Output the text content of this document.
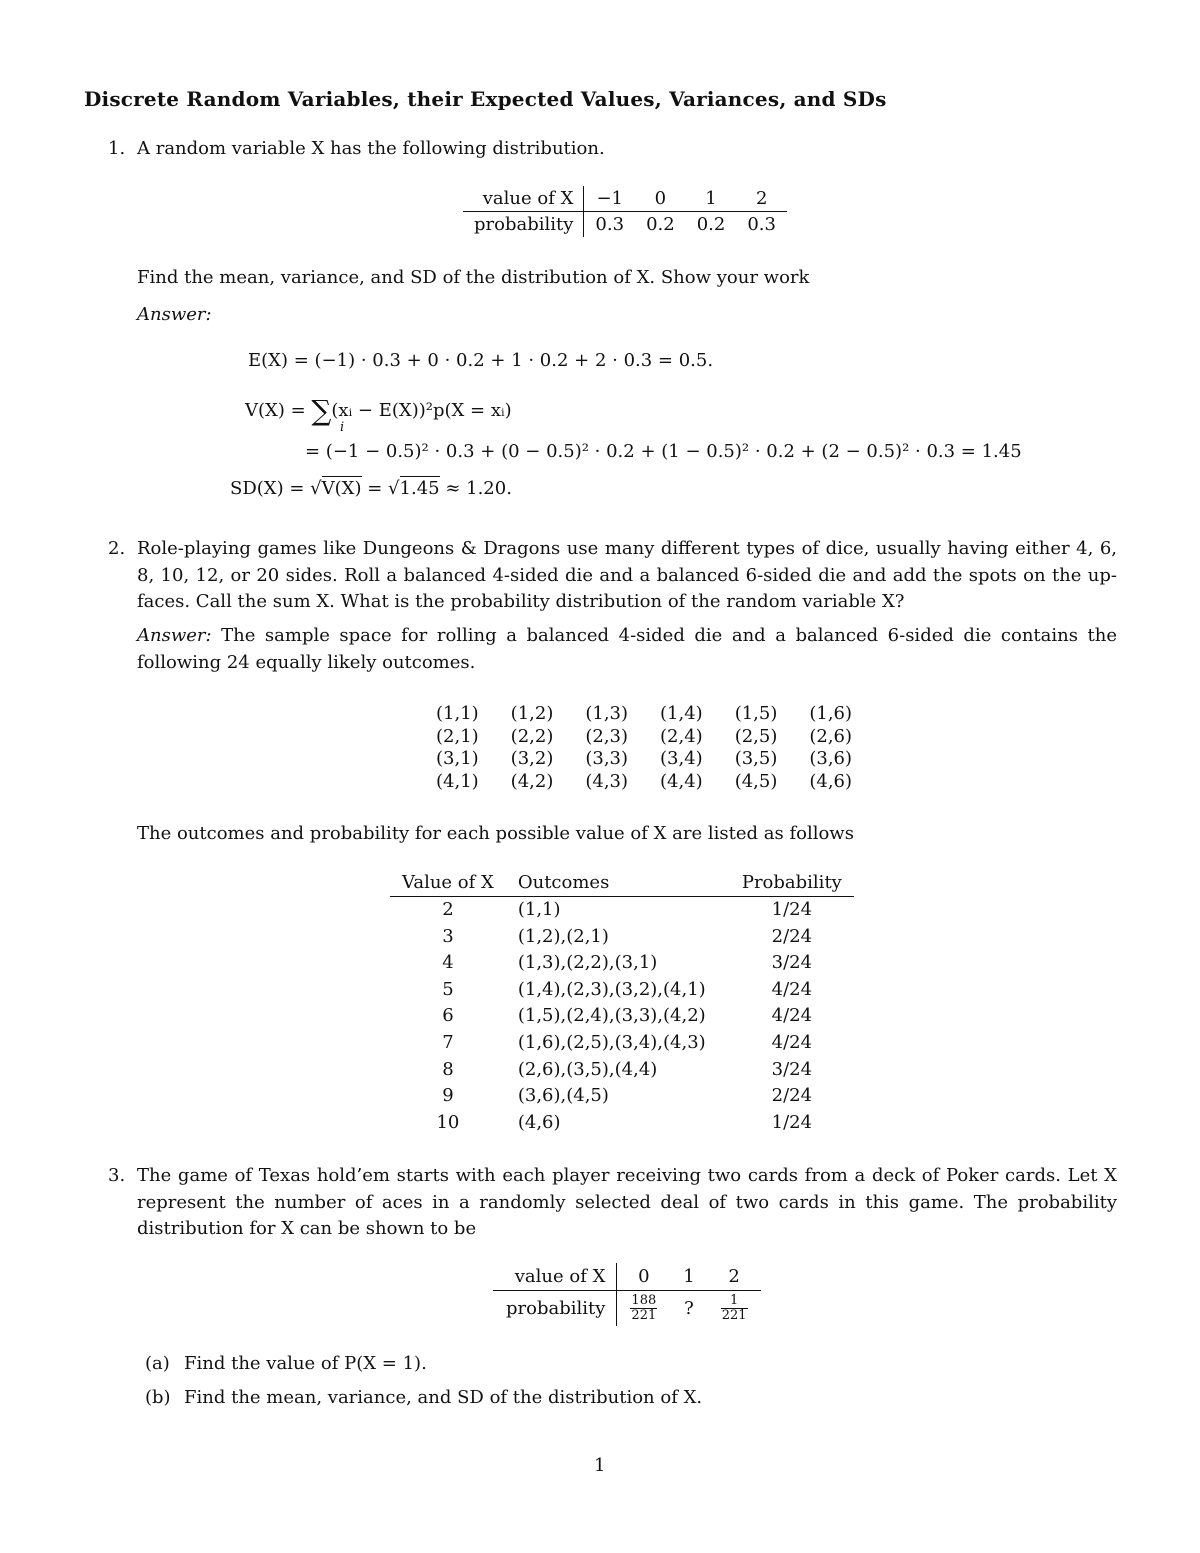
Discrete Random Variables, their Expected Values, Variances, and SDs
1. A random variable X has the following distribution.
value of X	−1	0	1	2
probability	0.3	0.2	0.2	0.3
Find the mean, variance, and SD of the distribution of X. Show your work
Answer:
E(X) = (−1) · 0.3 + 0 · 0.2 + 1 · 0.2 + 2 · 0.3 = 0.5.
V(X) = ∑(xᵢ − E(X))²p(X = xᵢ)
i
= (−1 − 0.5)² · 0.3 + (0 − 0.5)² · 0.2 + (1 − 0.5)² · 0.2 + (2 − 0.5)² · 0.3 = 1.45
SD(X) = √V(X) = √1.45 ≈ 1.20.
2. Role-playing games like Dungeons & Dragons use many different types of dice, usually having either 4, 6, 8, 10, 12, or 20 sides. Roll a balanced 4-sided die and a balanced 6-sided die and add the spots on the up-faces. Call the sum X. What is the probability distribution of the random variable X?
Answer: The sample space for rolling a balanced 4-sided die and a balanced 6-sided die contains the following 24 equally likely outcomes.
(1,1)	(1,2)	(1,3)	(1,4)	(1,5)	(1,6)
(2,1)	(2,2)	(2,3)	(2,4)	(2,5)	(2,6)
(3,1)	(3,2)	(3,3)	(3,4)	(3,5)	(3,6)
(4,1)	(4,2)	(4,3)	(4,4)	(4,5)	(4,6)
The outcomes and probability for each possible value of X are listed as follows
Value of X	Outcomes	Probability
2	(1,1)	1/24
3	(1,2),(2,1)	2/24
4	(1,3),(2,2),(3,1)	3/24
5	(1,4),(2,3),(3,2),(4,1)	4/24
6	(1,5),(2,4),(3,3),(4,2)	4/24
7	(1,6),(2,5),(3,4),(4,3)	4/24
8	(2,6),(3,5),(4,4)	3/24
9	(3,6),(4,5)	2/24
10	(4,6)	1/24
3. The game of Texas hold’em starts with each player receiving two cards from a deck of Poker cards. Let X represent the number of aces in a randomly selected deal of two cards in this game. The probability distribution for X can be shown to be
value of X	0	1	2
probability	$\frac{188}{221}$	?	$\frac{1}{221}$
(a) Find the value of P(X = 1).
(b) Find the mean, variance, and SD of the distribution of X.
1
